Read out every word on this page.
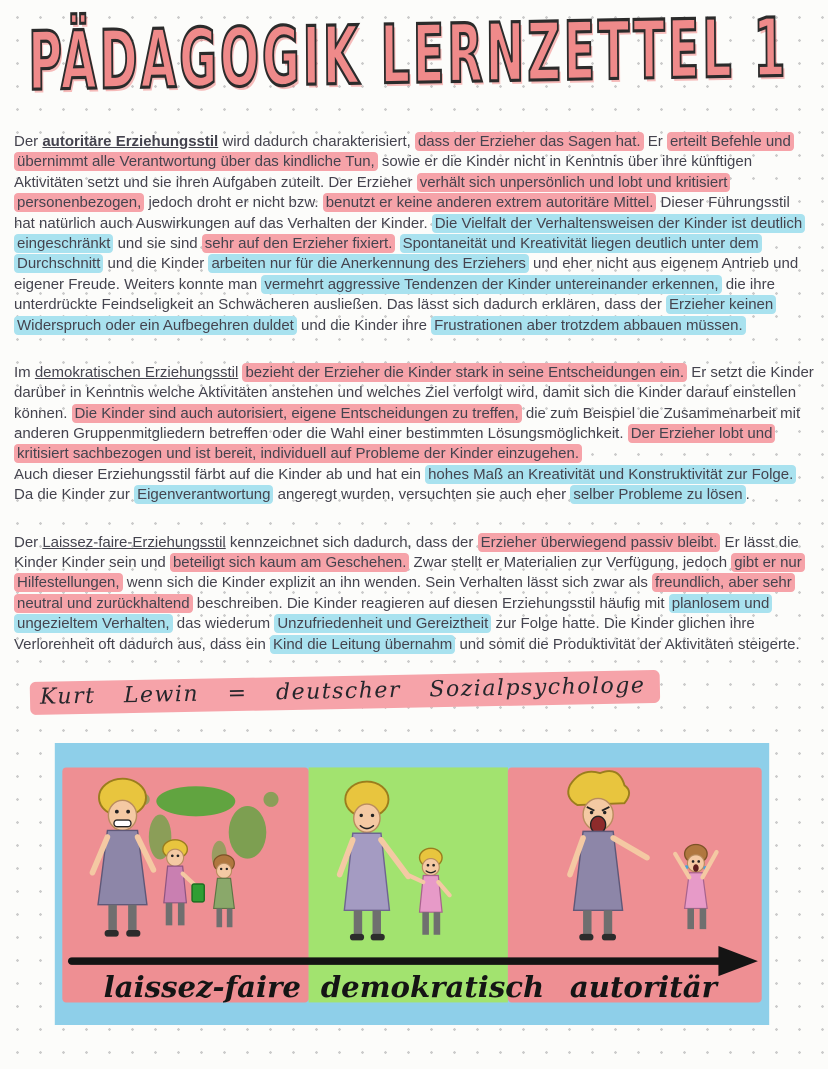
PÄDAGOGIK LERNZETTEL 1

Der autoritäre Erziehungsstil wird dadurch charakterisiert, dass der Erzieher das Sagen hat. Er erteilt Befehle und übernimmt alle Verantwortung über das kindliche Tun, sowie er die Kinder nicht in Kenntnis über ihre künftigen Aktivitäten setzt und sie ihren Aufgaben zuteilt. Der Erzieher verhält sich unpersönlich und lobt und kritisiert personenbezogen, jedoch droht er nicht bzw. benutzt er keine anderen extrem autoritäre Mittel. Dieser Führungsstil hat natürlich auch Auswirkungen auf das Verhalten der Kinder. Die Vielfalt der Verhaltensweisen der Kinder ist deutlich eingeschränkt und sie sind sehr auf den Erzieher fixiert. Spontaneität und Kreativität liegen deutlich unter dem Durchschnitt und die Kinder arbeiten nur für die Anerkennung des Erziehers und eher nicht aus eigenem Antrieb und eigener Freude. Weiters konnte man vermehrt aggressive Tendenzen der Kinder untereinander erkennen, die ihre unterdrückte Feindseligkeit an Schwächeren ausließen. Das lässt sich dadurch erklären, dass der Erzieher keinen Widerspruch oder ein Aufbegehren duldet und die Kinder ihre Frustrationen aber trotzdem abbauen müssen.

Im demokratischen Erziehungsstil bezieht der Erzieher die Kinder stark in seine Entscheidungen ein. Er setzt die Kinder darüber in Kenntnis welche Aktivitäten anstehen und welches Ziel verfolgt wird, damit sich die Kinder darauf einstellen können. Die Kinder sind auch autorisiert, eigene Entscheidungen zu treffen, die zum Beispiel die Zusammenarbeit mit anderen Gruppenmitgliedern betreffen oder die Wahl einer bestimmten Lösungsmöglichkeit. Der Erzieher lobt und kritisiert sachbezogen und ist bereit, individuell auf Probleme der Kinder einzugehen.
Auch dieser Erziehungsstil färbt auf die Kinder ab und hat ein hohes Maß an Kreativität und Konstruktivität zur Folge. Da die Kinder zur Eigenverantwortung angeregt wurden, versuchten sie auch eher selber Probleme zu lösen .

Der Laissez-faire-Erziehungsstil kennzeichnet sich dadurch, dass der Erzieher überwiegend passiv bleibt. Er lässt die Kinder Kinder sein und beteiligt sich kaum am Geschehen. Zwar stellt er Materialien zur Verfügung, jedoch gibt er nur Hilfestellungen, wenn sich die Kinder explizit an ihn wenden. Sein Verhalten lässt sich zwar als freundlich, aber sehr neutral und zurückhaltend beschreiben. Die Kinder reagieren auf diesen Erziehungsstil häufig mit planlosem und ungezieltem Verhalten, das wiederum Unzufriedenheit und Gereiztheit zur Folge hatte. Die Kinder glichen ihre Verlorenheit oft dadurch aus, dass ein Kind die Leitung übernahm und somit die Produktivität der Aktivitäten steigerte.

Kurt Lewin = deutscher Sozialpsychologe
laissez-faire demokratisch autoritär
